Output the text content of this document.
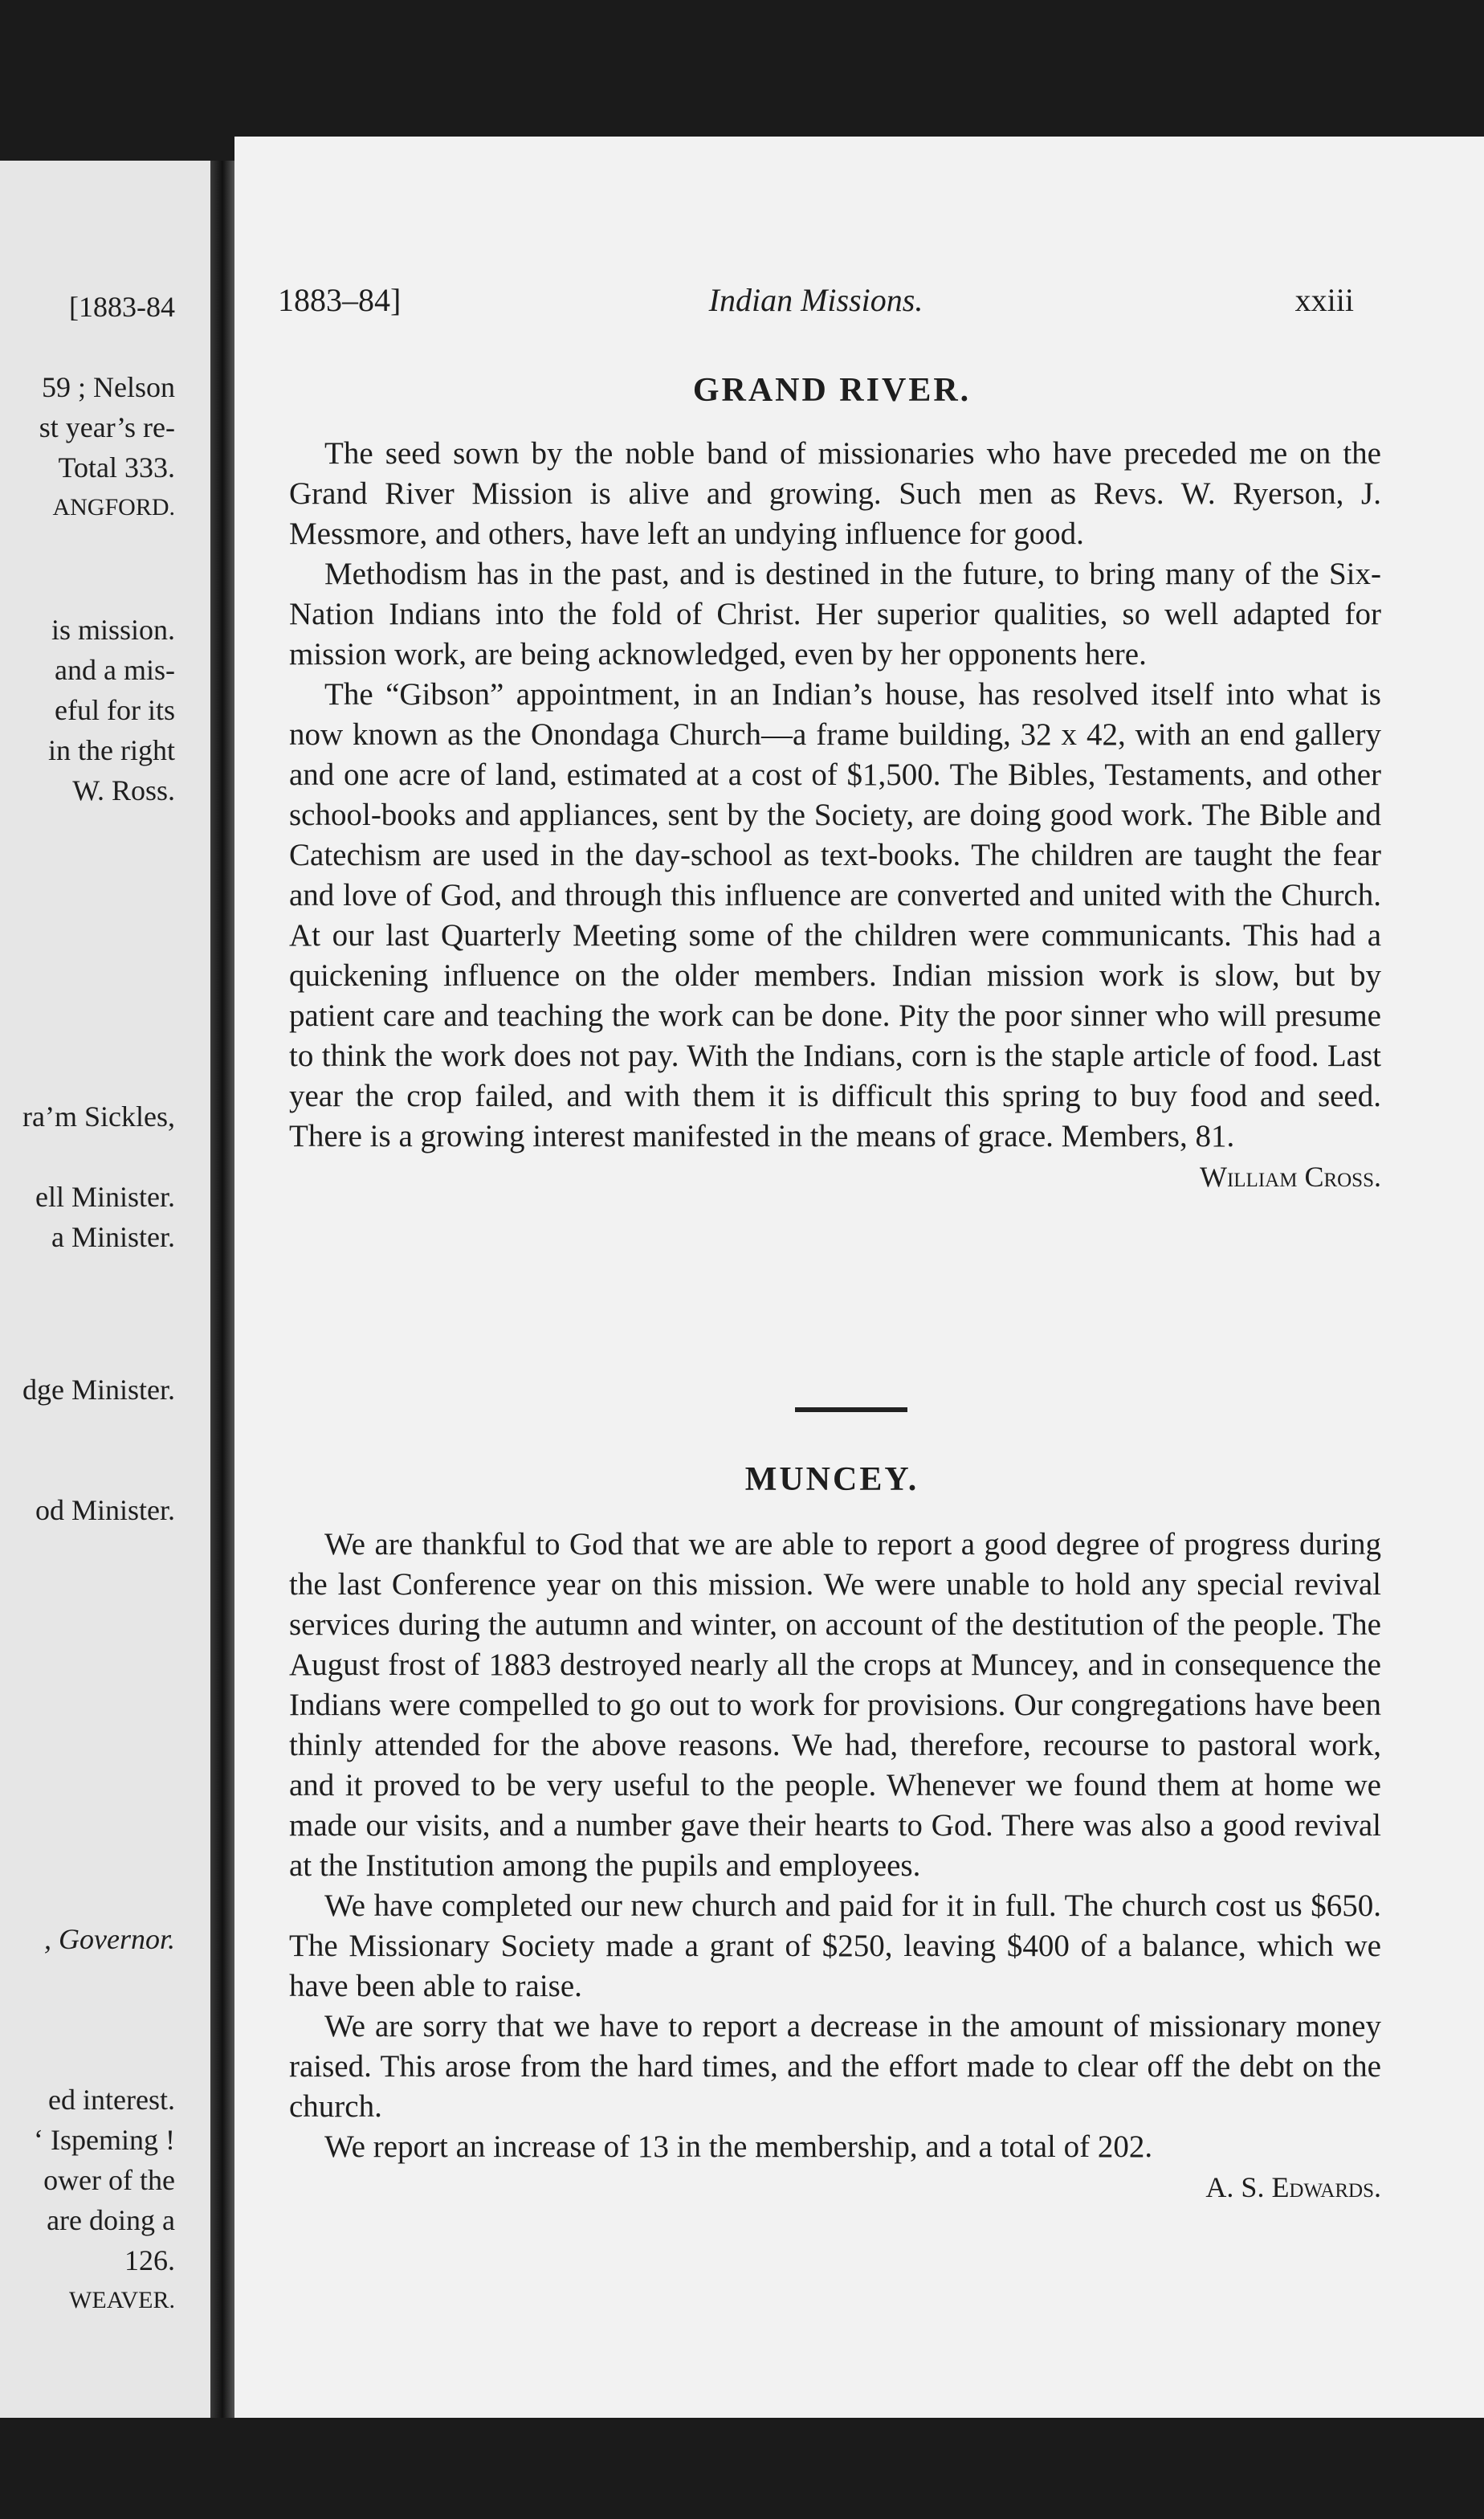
[1883-84
59 ; Nelson
st year’s re-
Total 333.
ANGFORD.
is mission.
and a mis-
eful for its
in the right
W. Ross.
ra’m Sickles,
ell Minister.
a Minister.
dge Minister.
od Minister.
, Governor.
ed interest.
‘ Ispeming !
ower of the
are doing a
126.
WEAVER.
1883–84]	Indian Missions.	xxiii
GRAND RIVER.

The seed sown by the noble band of missionaries who have preceded me on the Grand River Mission is alive and growing. Such men as Revs. W. Ryerson, J. Messmore, and others, have left an undying influence for good.

Methodism has in the past, and is destined in the future, to bring many of the Six-Nation Indians into the fold of Christ. Her superior qualities, so well adapted for mission work, are being acknowledged, even by her opponents here.

The “Gibson” appointment, in an Indian’s house, has resolved itself into what is now known as the Onondaga Church—a frame building, 32 x 42, with an end gallery and one acre of land, estimated at a cost of $1,500. The Bibles, Testaments, and other school-books and appliances, sent by the Society, are doing good work. The Bible and Catechism are used in the day-school as text-books. The children are taught the fear and love of God, and through this influence are converted and united with the Church. At our last Quarterly Meeting some of the children were communicants. This had a quickening influence on the older members. Indian mission work is slow, but by patient care and teaching the work can be done. Pity the poor sinner who will presume to think the work does not pay. With the Indians, corn is the staple article of food. Last year the crop failed, and with them it is difficult this spring to buy food and seed. There is a growing interest manifested in the means of grace. Members, 81.

William Cross.
MUNCEY.

We are thankful to God that we are able to report a good degree of progress during the last Conference year on this mission. We were unable to hold any special revival services during the autumn and winter, on account of the destitution of the people. The August frost of 1883 destroyed nearly all the crops at Muncey, and in consequence the Indians were compelled to go out to work for provisions. Our congregations have been thinly attended for the above reasons. We had, therefore, recourse to pastoral work, and it proved to be very useful to the people. Whenever we found them at home we made our visits, and a number gave their hearts to God. There was also a good revival at the Institution among the pupils and employees.

We have completed our new church and paid for it in full. The church cost us $650. The Missionary Society made a grant of $250, leaving $400 of a balance, which we have been able to raise.

We are sorry that we have to report a decrease in the amount of missionary money raised. This arose from the hard times, and the effort made to clear off the debt on the church.

We report an increase of 13 in the membership, and a total of 202.

A. S. Edwards.
